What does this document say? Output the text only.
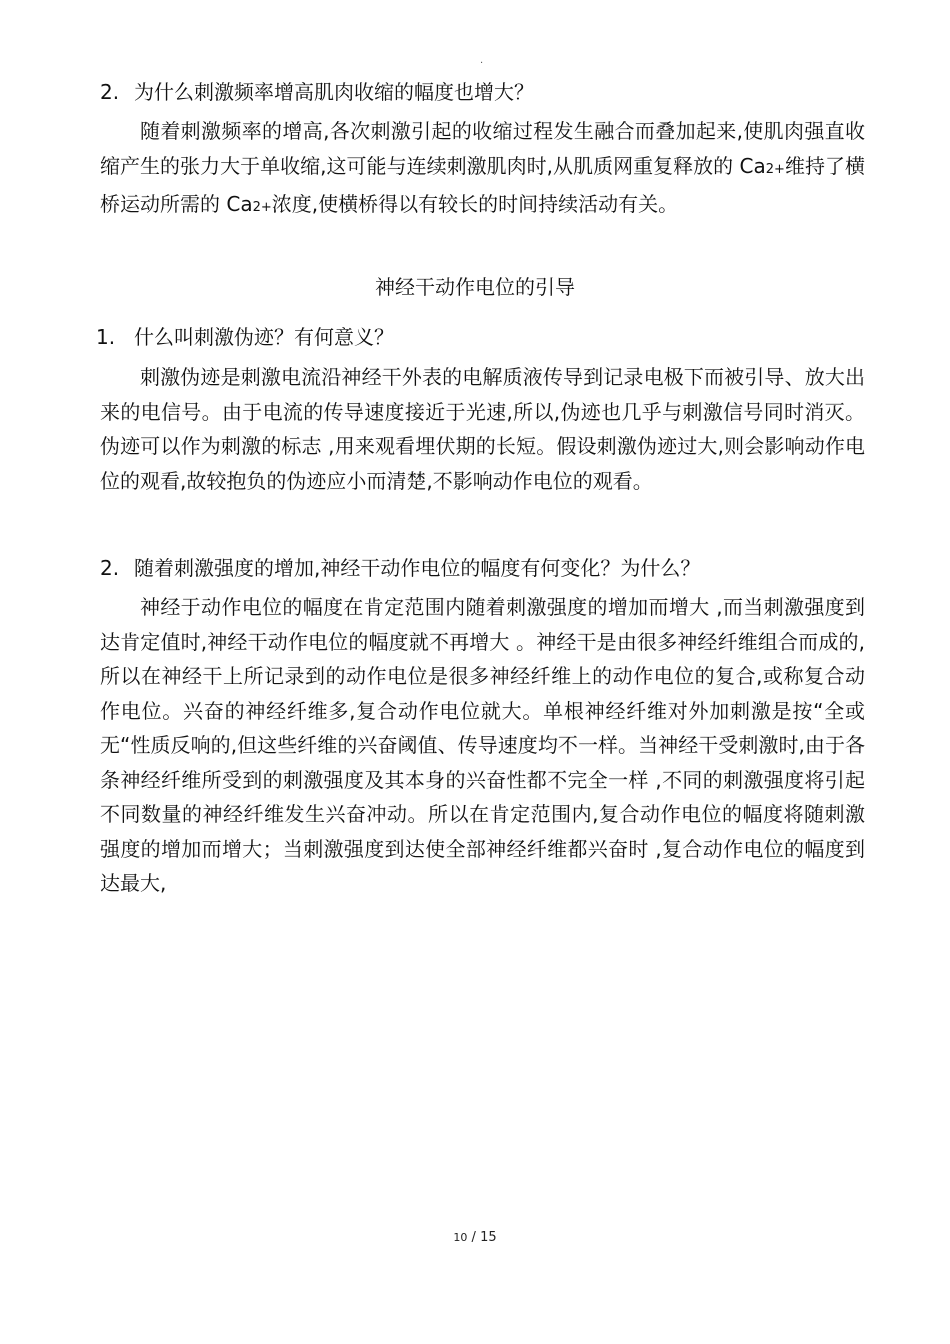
.
2. 为什么刺激频率增高肌肉收缩的幅度也增大？

随着刺激频率的增高,各次刺激引起的收缩过程发生融合而叠加起来,使肌肉强直收缩产生的张力大于单收缩,这可能与连续刺激肌肉时,从肌质网重复释放的 Ca2+维持了横桥运动所需的 Ca2+浓度,使横桥得以有较长的时间持续活动有关。

神经干动作电位的引导
1. 什么叫刺激伪迹？有何意义？

刺激伪迹是刺激电流沿神经干外表的电解质液传导到记录电极下而被引导、放大出来的电信号。由于电流的传导速度接近于光速,所以,伪迹也几乎与刺激信号同时消灭。伪迹可以作为刺激的标志 ,用来观看埋伏期的长短。假设刺激伪迹过大,则会影响动作电位的观看,故较抱负的伪迹应小而清楚,不影响动作电位的观看。

2. 随着刺激强度的增加,神经干动作电位的幅度有何变化？为什么？

神经于动作电位的幅度在肯定范围内随着刺激强度的增加而增大 ,而当刺激强度到达肯定值时,神经干动作电位的幅度就不再增大 。神经干是由很多神经纤维组合而成的,所以在神经干上所记录到的动作电位是很多神经纤维上的动作电位的复合,或称复合动作电位。兴奋的神经纤维多,复合动作电位就大。单根神经纤维对外加刺激是按“全或无“性质反响的,但这些纤维的兴奋阈值、传导速度均不一样。当神经干受刺激时,由于各条神经纤维所受到的刺激强度及其本身的兴奋性都不完全一样 ,不同的刺激强度将引起不同数量的神经纤维发生兴奋冲动。所以在肯定范围内,复合动作电位的幅度将随刺激强度的增加而增大；当刺激强度到达使全部神经纤维都兴奋时 ,复合动作电位的幅度到达最大,

10 / 15
